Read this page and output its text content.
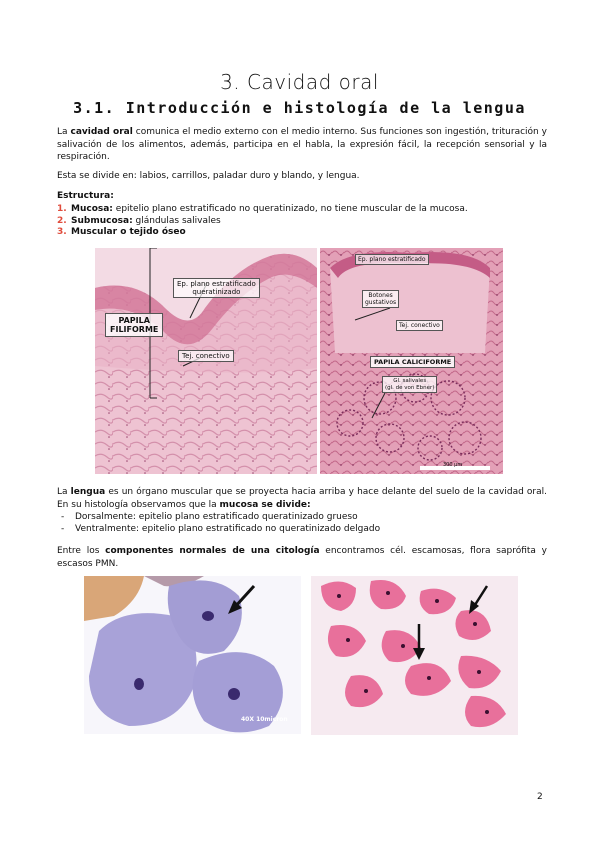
3. Cavidad oral
3.1. Introducción e histología de la lengua
La cavidad oral comunica el medio externo con el medio interno. Sus funciones son ingestión, trituración y salivación de los alimentos, además, participa en el habla, la expresión fácil, la recepción sensorial y la respiración.
Esta se divide en: labios, carrillos, paladar duro y blando, y lengua.
Estructura:
1. Mucosa: epitelio plano estratificado no queratinizado, no tiene muscular de la mucosa.
2. Submucosa: glándulas salivales
3. Muscular o tejido óseo
Ep. plano estratificado
queratinizado
PAPILA
FILIFORME
Tej. conectivo
Ep. plano estratificado
Botones
gustativos
Tej. conectivo
PAPILA CALICIFORME
Gl. salivales
(gl. de von Ebner)
300 µm
La lengua es un órgano muscular que se proyecta hacia arriba y hace delante del suelo de la cavidad oral. En su histología observamos que la mucosa se divide:
- Dorsalmente: epitelio plano estratificado queratinizado grueso
- Ventralmente: epitelio plano estratificado no queratinizado delgado
Entre los componentes normales de una citología encontramos cél. escamosas, flora saprófita y escasos PMN.
40X 10micron
2
